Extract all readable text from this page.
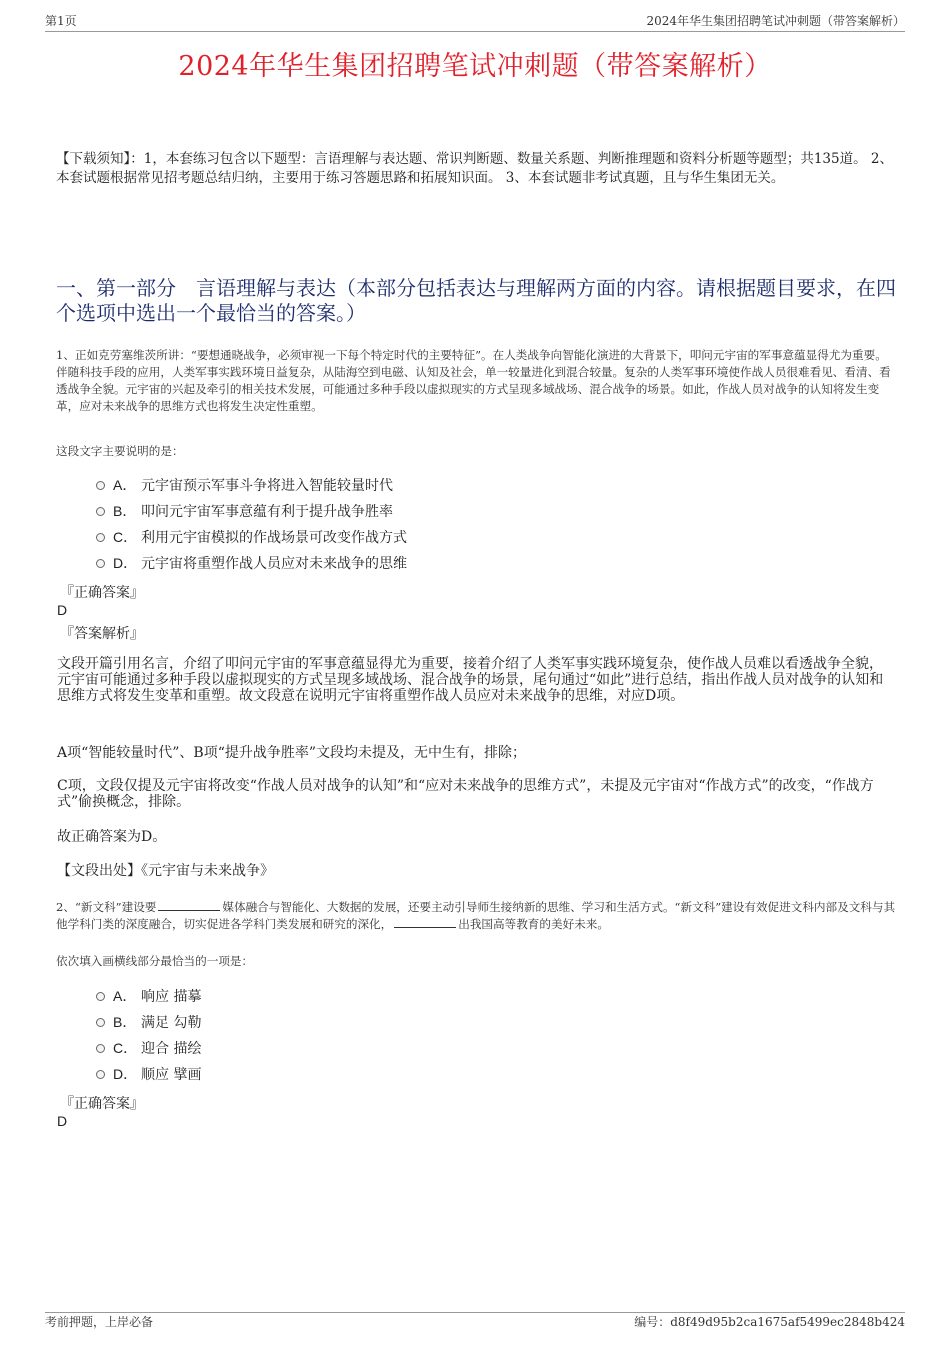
第1页	2024年华生集团招聘笔试冲刺题（带答案解析）
2024年华生集团招聘笔试冲刺题（带答案解析）
【下载须知】：1，本套练习包含以下题型：言语理解与表达题、常识判断题、数量关系题、判断推理题和资料分析题等题型；共135道。 2、本套试题根据常见招考题总结归纳，主要用于练习答题思路和拓展知识面。 3、本套试题非考试真题，且与华生集团无关。
一、第一部分　言语理解与表达（本部分包括表达与理解两方面的内容。请根据题目要求，在四个选项中选出一个最恰当的答案。）
1、正如克劳塞维茨所讲：“要想通晓战争，必须审视一下每个特定时代的主要特征”。在人类战争向智能化演进的大背景下，叩问元宇宙的军事意蕴显得尤为重要。伴随科技手段的应用，人类军事实践环境日益复杂，从陆海空到电磁、认知及社会，单一较量进化到混合较量。复杂的人类军事环境使作战人员很难看见、看清、看透战争全貌。元宇宙的兴起及牵引的相关技术发展，可能通过多种手段以虚拟现实的方式呈现多域战场、混合战争的场景。如此，作战人员对战争的认知将发生变革，应对未来战争的思维方式也将发生决定性重塑。
这段文字主要说明的是：
A． 元宇宙预示军事斗争将进入智能较量时代
B． 叩问元宇宙军事意蕴有利于提升战争胜率
C． 利用元宇宙模拟的作战场景可改变作战方式
D． 元宇宙将重塑作战人员应对未来战争的思维
『正确答案』
D
『答案解析』
文段开篇引用名言，介绍了叩问元宇宙的军事意蕴显得尤为重要，接着介绍了人类军事实践环境复杂，使作战人员难以看透战争全貌，元宇宙可能通过多种手段以虚拟现实的方式呈现多域战场、混合战争的场景，尾句通过“如此”进行总结，指出作战人员对战争的认知和思维方式将发生变革和重塑。故文段意在说明元宇宙将重塑作战人员应对未来战争的思维，对应D项。
A项“智能较量时代”、B项“提升战争胜率”文段均未提及，无中生有，排除；
C项，文段仅提及元宇宙将改变“作战人员对战争的认知”和“应对未来战争的思维方式”，未提及元宇宙对“作战方式”的改变，“作战方式”偷换概念，排除。
故正确答案为D。
【文段出处】《元宇宙与未来战争》
2、“新文科”建设要	媒体融合与智能化、大数据的发展，还要主动引导师生接纳新的思维、学习和生活方式。“新文科”建设有效促进文科内部及文科与其他学科门类的深度融合，切实促进各学科门类发展和研究的深化，	出我国高等教育的美好未来。
依次填入画横线部分最恰当的一项是：
A． 响应 描摹
B． 满足 勾勒
C． 迎合 描绘
D． 顺应 擘画
『正确答案』
D
考前押题，上岸必备	编号：d8f49d95b2ca1675af5499ec2848b424
